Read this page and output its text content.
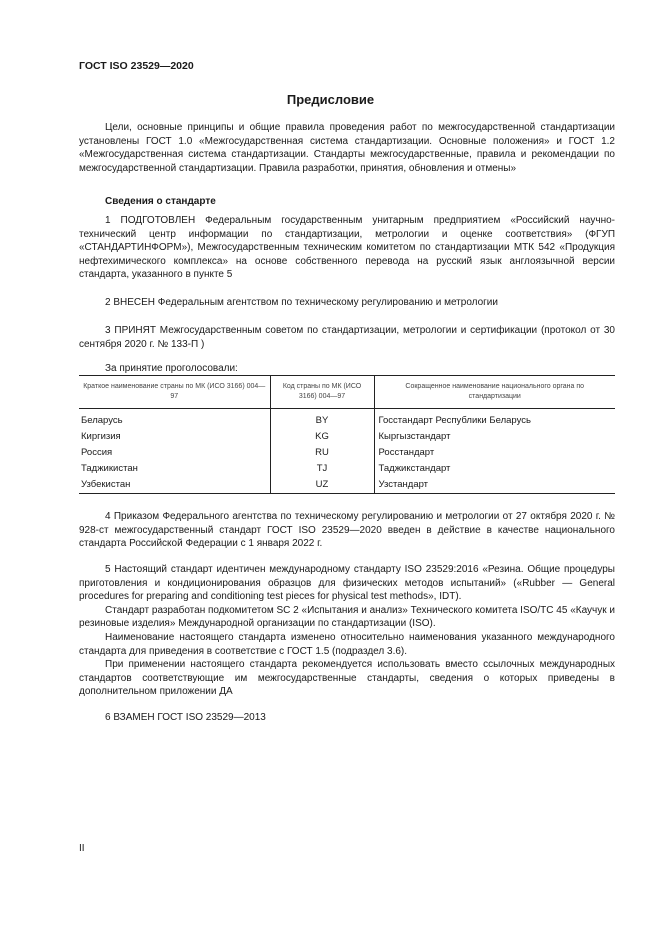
ГОСТ ISO 23529—2020
Предисловие

Цели, основные принципы и общие правила проведения работ по межгосударственной стандартизации установлены ГОСТ 1.0 «Межгосударственная система стандартизации. Основные положения» и ГОСТ 1.2 «Межгосударственная система стандартизации. Стандарты межгосударственные, правила и рекомендации по межгосударственной стандартизации. Правила разработки, принятия, обновления и отмены»

Сведения о стандарте

1 ПОДГОТОВЛЕН Федеральным государственным унитарным предприятием «Российский научно-технический центр информации по стандартизации, метрологии и оценке соответствия» (ФГУП «СТАНДАРТИНФОРМ»), Межгосударственным техническим комитетом по стандартизации МТК 542 «Продукция нефтехимического комплекса» на основе собственного перевода на русский язык англоязычной версии стандарта, указанного в пункте 5

2 ВНЕСЕН Федеральным агентством по техническому регулированию и метрологии

3 ПРИНЯТ Межгосударственным советом по стандартизации, метрологии и сертификации (протокол от 30 сентября 2020 г. № 133-П )

За принятие проголосовали:
Краткое наименование страны по МК (ИСО 3166) 004—97	Код страны по МК (ИСО 3166) 004—97	Сокращенное наименование национального органа по стандартизации
Беларусь	BY	Госстандарт Республики Беларусь
Киргизия	KG	Кыргызстандарт
Россия	RU	Росстандарт
Таджикистан	TJ	Таджикстандарт
Узбекистан	UZ	Узстандарт

4 Приказом Федерального агентства по техническому регулированию и метрологии от 27 октября 2020 г. № 928-ст межгосударственный стандарт ГОСТ ISO 23529—2020 введен в действие в качестве национального стандарта Российской Федерации с 1 января 2022 г.

5 Настоящий стандарт идентичен международному стандарту ISO 23529:2016 «Резина. Общие процедуры приготовления и кондиционирования образцов для физических методов испытаний» («Rubber — General procedures for preparing and conditioning test pieces for physical test methods», IDT).

Стандарт разработан подкомитетом SC 2 «Испытания и анализ» Технического комитета ISO/TC 45 «Каучук и резиновые изделия» Международной организации по стандартизации (ISO).

Наименование настоящего стандарта изменено относительно наименования указанного международного стандарта для приведения в соответствие с ГОСТ 1.5 (подраздел 3.6).

При применении настоящего стандарта рекомендуется использовать вместо ссылочных международных стандартов соответствующие им межгосударственные стандарты, сведения о которых приведены в дополнительном приложении ДА

6 ВЗАМЕН ГОСТ ISO 23529—2013

II
